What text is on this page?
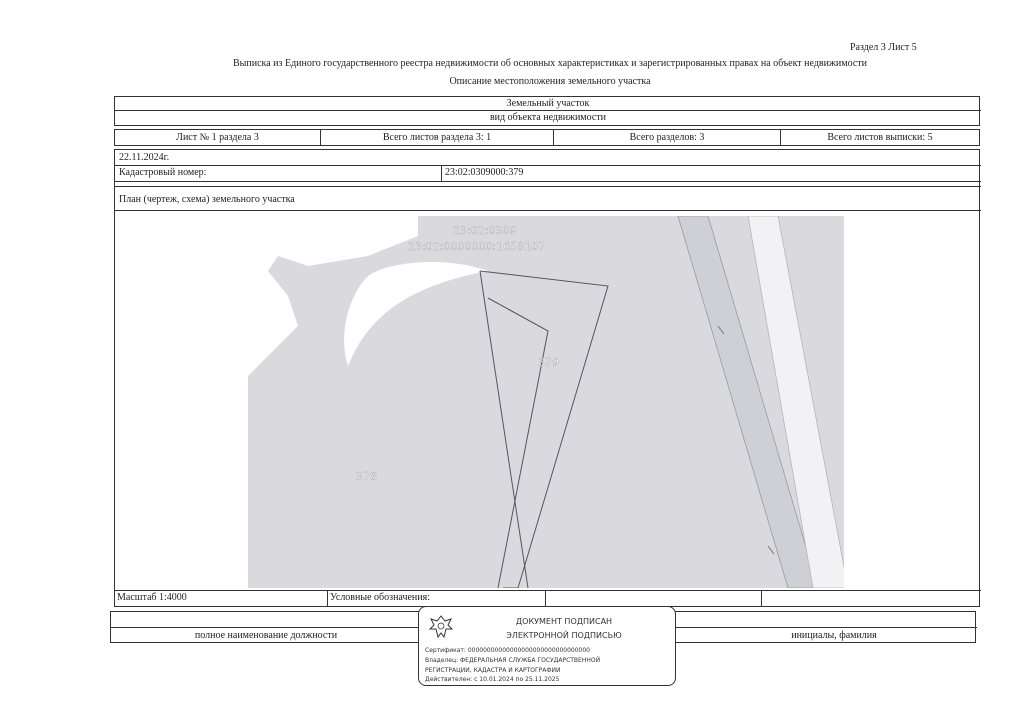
Раздел 3 Лист 5
Выписка из Единого государственного реестра недвижимости об основных характеристиках и зарегистрированных правах на объект недвижимости
Описание местоположения земельного участка
Земельный участок
вид объекта недвижимости
Лист № 1 раздела 3	Всего листов раздела 3: 1	Всего разделов: 3	Всего листов выписки: 5
22.11.2024г.
Кадастровый номер:	23:02:0309000:379
План (чертеж, схема) земельного участка
Масштаб 1:4000	Условные обозначения:
23:02:0309
23:02:0000000:1658107
379
378
полное наименование должности	инициалы, фамилия
ДОКУМЕНТ ПОДПИСАН
ЭЛЕКТРОННОЙ ПОДПИСЬЮ
Сертификат: 00000000000000000000000000000000
Владелец: ФЕДЕРАЛЬНАЯ СЛУЖБА ГОСУДАРСТВЕННОЙ
РЕГИСТРАЦИИ, КАДАСТРА И КАРТОГРАФИИ
Действителен: с 10.01.2024 по 25.11.2025
